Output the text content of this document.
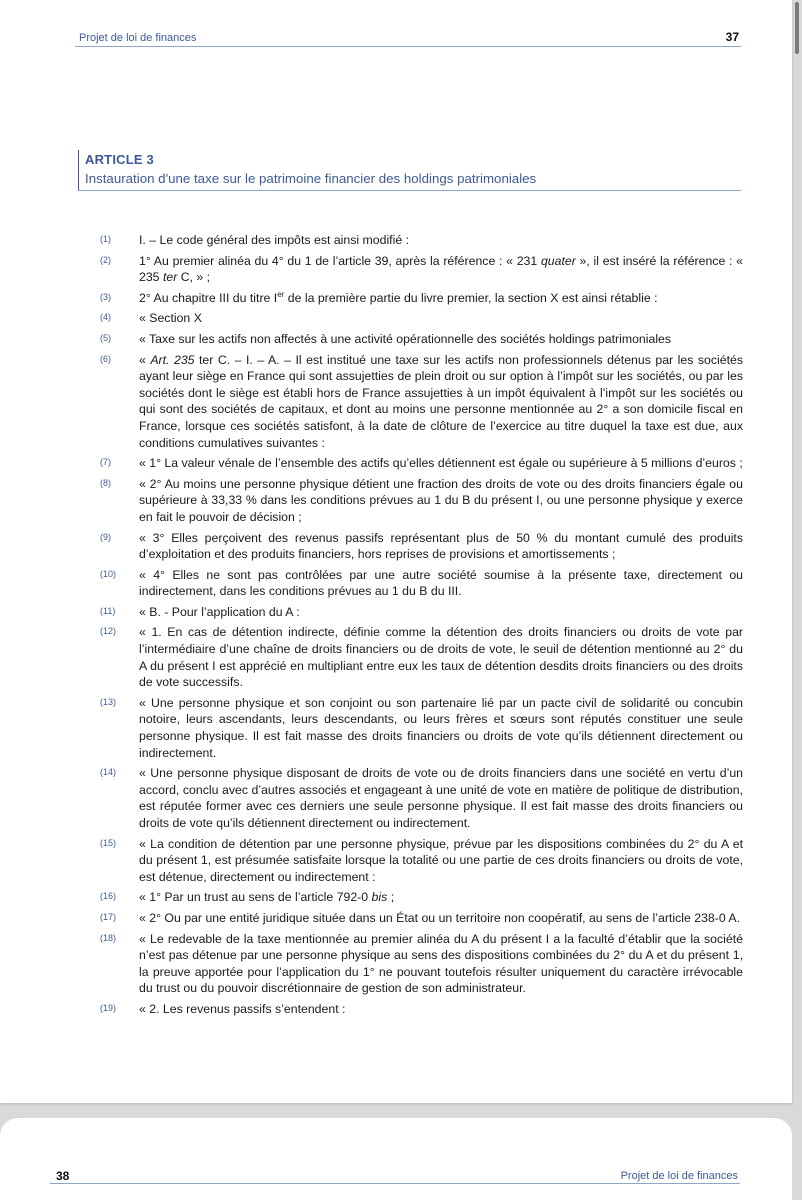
Projet de loi de finances	37
ARTICLE 3
Instauration d'une taxe sur le patrimoine financier des holdings patrimoniales
(1) I. – Le code général des impôts est ainsi modifié :
(2) 1° Au premier alinéa du 4° du 1 de l’article 39, après la référence : « 231 quater », il est inséré la référence : « 235 ter C, » ;
(3) 2° Au chapitre III du titre Ier de la première partie du livre premier, la section X est ainsi rétablie :
(4) « Section X
(5) « Taxe sur les actifs non affectés à une activité opérationnelle des sociétés holdings patrimoniales
(6) « Art. 235 ter C. – I. – A. – Il est institué une taxe sur les actifs non professionnels détenus par les sociétés ayant leur siège en France qui sont assujetties de plein droit ou sur option à l’impôt sur les sociétés, ou par les sociétés dont le siège est établi hors de France assujetties à un impôt équivalent à l’impôt sur les sociétés ou qui sont des sociétés de capitaux, et dont au moins une personne mentionnée au 2° a son domicile fiscal en France, lorsque ces sociétés satisfont, à la date de clôture de l’exercice au titre duquel la taxe est due, aux conditions cumulatives suivantes :
(7) « 1° La valeur vénale de l’ensemble des actifs qu’elles détiennent est égale ou supérieure à 5 millions d’euros ;
(8) « 2° Au moins une personne physique détient une fraction des droits de vote ou des droits financiers égale ou supérieure à 33,33 % dans les conditions prévues au 1 du B du présent I, ou une personne physique y exerce en fait le pouvoir de décision ;
(9) « 3° Elles perçoivent des revenus passifs représentant plus de 50 % du montant cumulé des produits d’exploitation et des produits financiers, hors reprises de provisions et amortissements ;
(10) « 4° Elles ne sont pas contrôlées par une autre société soumise à la présente taxe, directement ou indirectement, dans les conditions prévues au 1 du B du III.
(11) « B. - Pour l’application du A :
(12) « 1. En cas de détention indirecte, définie comme la détention des droits financiers ou droits de vote par l’intermédiaire d’une chaîne de droits financiers ou de droits de vote, le seuil de détention mentionné au 2° du A du présent I est apprécié en multipliant entre eux les taux de détention desdits droits financiers ou des droits de vote successifs.
(13) « Une personne physique et son conjoint ou son partenaire lié par un pacte civil de solidarité ou concubin notoire, leurs ascendants, leurs descendants, ou leurs frères et sœurs sont réputés constituer une seule personne physique. Il est fait masse des droits financiers ou droits de vote qu’ils détiennent directement ou indirectement.
(14) « Une personne physique disposant de droits de vote ou de droits financiers dans une société en vertu d’un accord, conclu avec d’autres associés et engageant à une unité de vote en matière de politique de distribution, est réputée former avec ces derniers une seule personne physique. Il est fait masse des droits financiers ou droits de vote qu’ils détiennent directement ou indirectement.
(15) « La condition de détention par une personne physique, prévue par les dispositions combinées du 2° du A et du présent 1, est présumée satisfaite lorsque la totalité ou une partie de ces droits financiers ou droits de vote, est détenue, directement ou indirectement :
(16) « 1° Par un trust au sens de l’article 792-0 bis ;
(17) « 2° Ou par une entité juridique située dans un État ou un territoire non coopératif, au sens de l’article 238-0 A.
(18) « Le redevable de la taxe mentionnée au premier alinéa du A du présent I a la faculté d’établir que la société n’est pas détenue par une personne physique au sens des dispositions combinées du 2° du A et du présent 1, la preuve apportée pour l’application du 1° ne pouvant toutefois résulter uniquement du caractère irrévocable du trust ou du pouvoir discrétionnaire de gestion de son administrateur.
(19) « 2. Les revenus passifs s’entendent :
38	Projet de loi de finances
